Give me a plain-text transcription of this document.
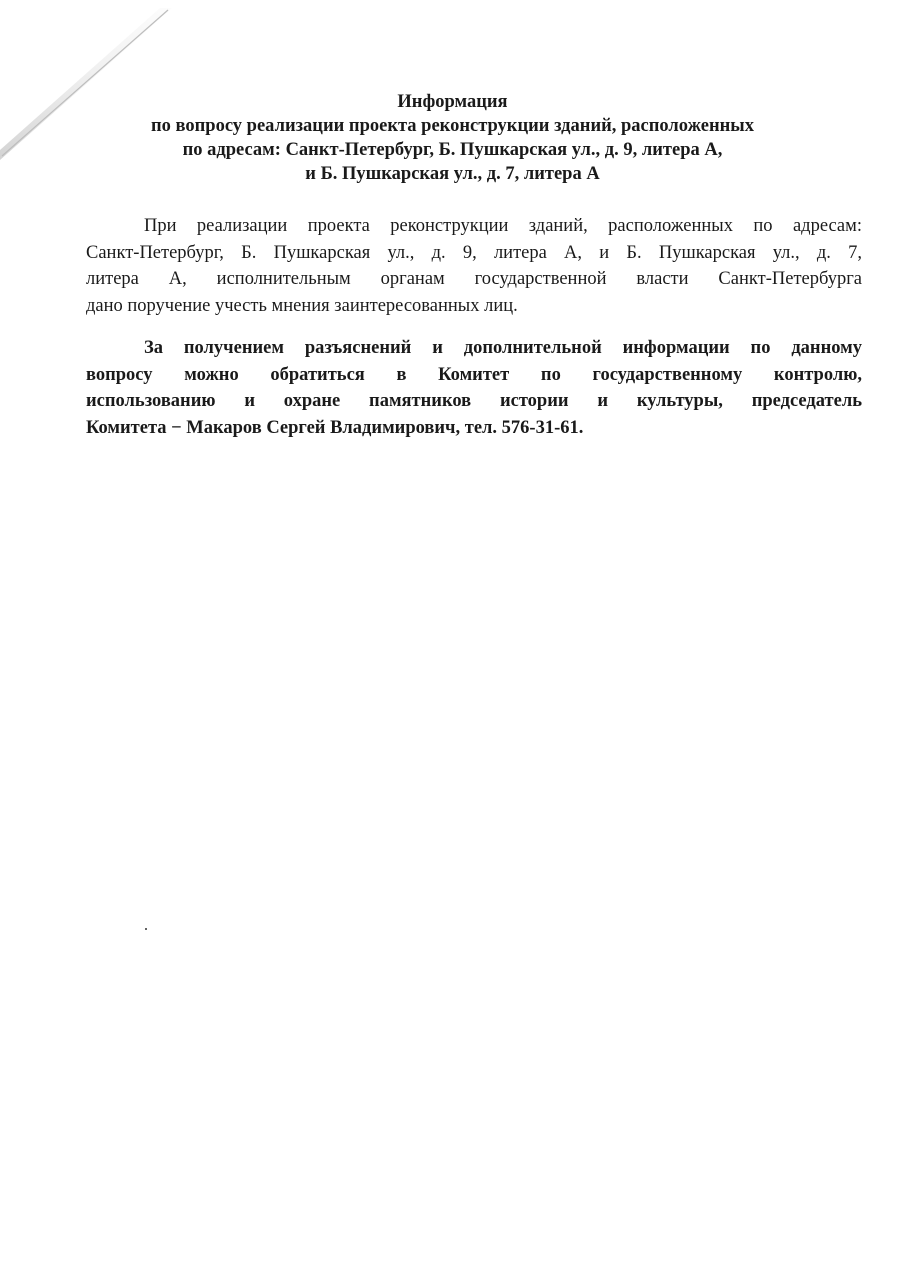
Информация
по вопросу реализации проекта реконструкции зданий, расположенных
по адресам: Санкт-Петербург, Б. Пушкарская ул., д. 9, литера А,
и Б. Пушкарская ул., д. 7, литера А
При реализации проекта реконструкции зданий, расположенных по адресам:
Санкт-Петербург, Б. Пушкарская ул., д. 9, литера А, и Б. Пушкарская ул., д. 7,
литера А, исполнительным органам государственной власти Санкт-Петербурга
дано поручение учесть мнения заинтересованных лиц.
За получением разъяснений и дополнительной информации по данному
вопросу можно обратиться в Комитет по государственному контролю,
использованию и охране памятников истории и культуры, председатель
Комитета − Макаров Сергей Владимирович, тел. 576-31-61.
